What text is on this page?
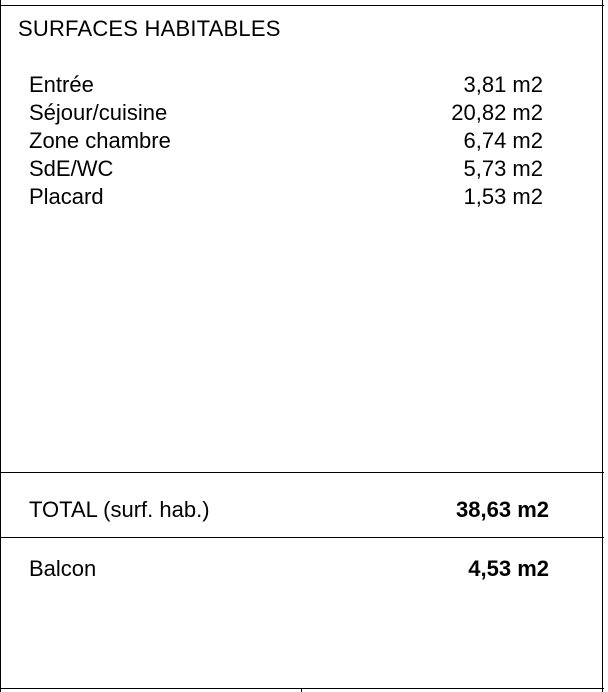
SURFACES HABITABLES
Entrée	3,81 m2
Séjour/cuisine	20,82 m2
Zone chambre	6,74 m2
SdE/WC	5,73 m2
Placard	1,53 m2
TOTAL (surf. hab.)	38,63 m2
Balcon	4,53 m2
